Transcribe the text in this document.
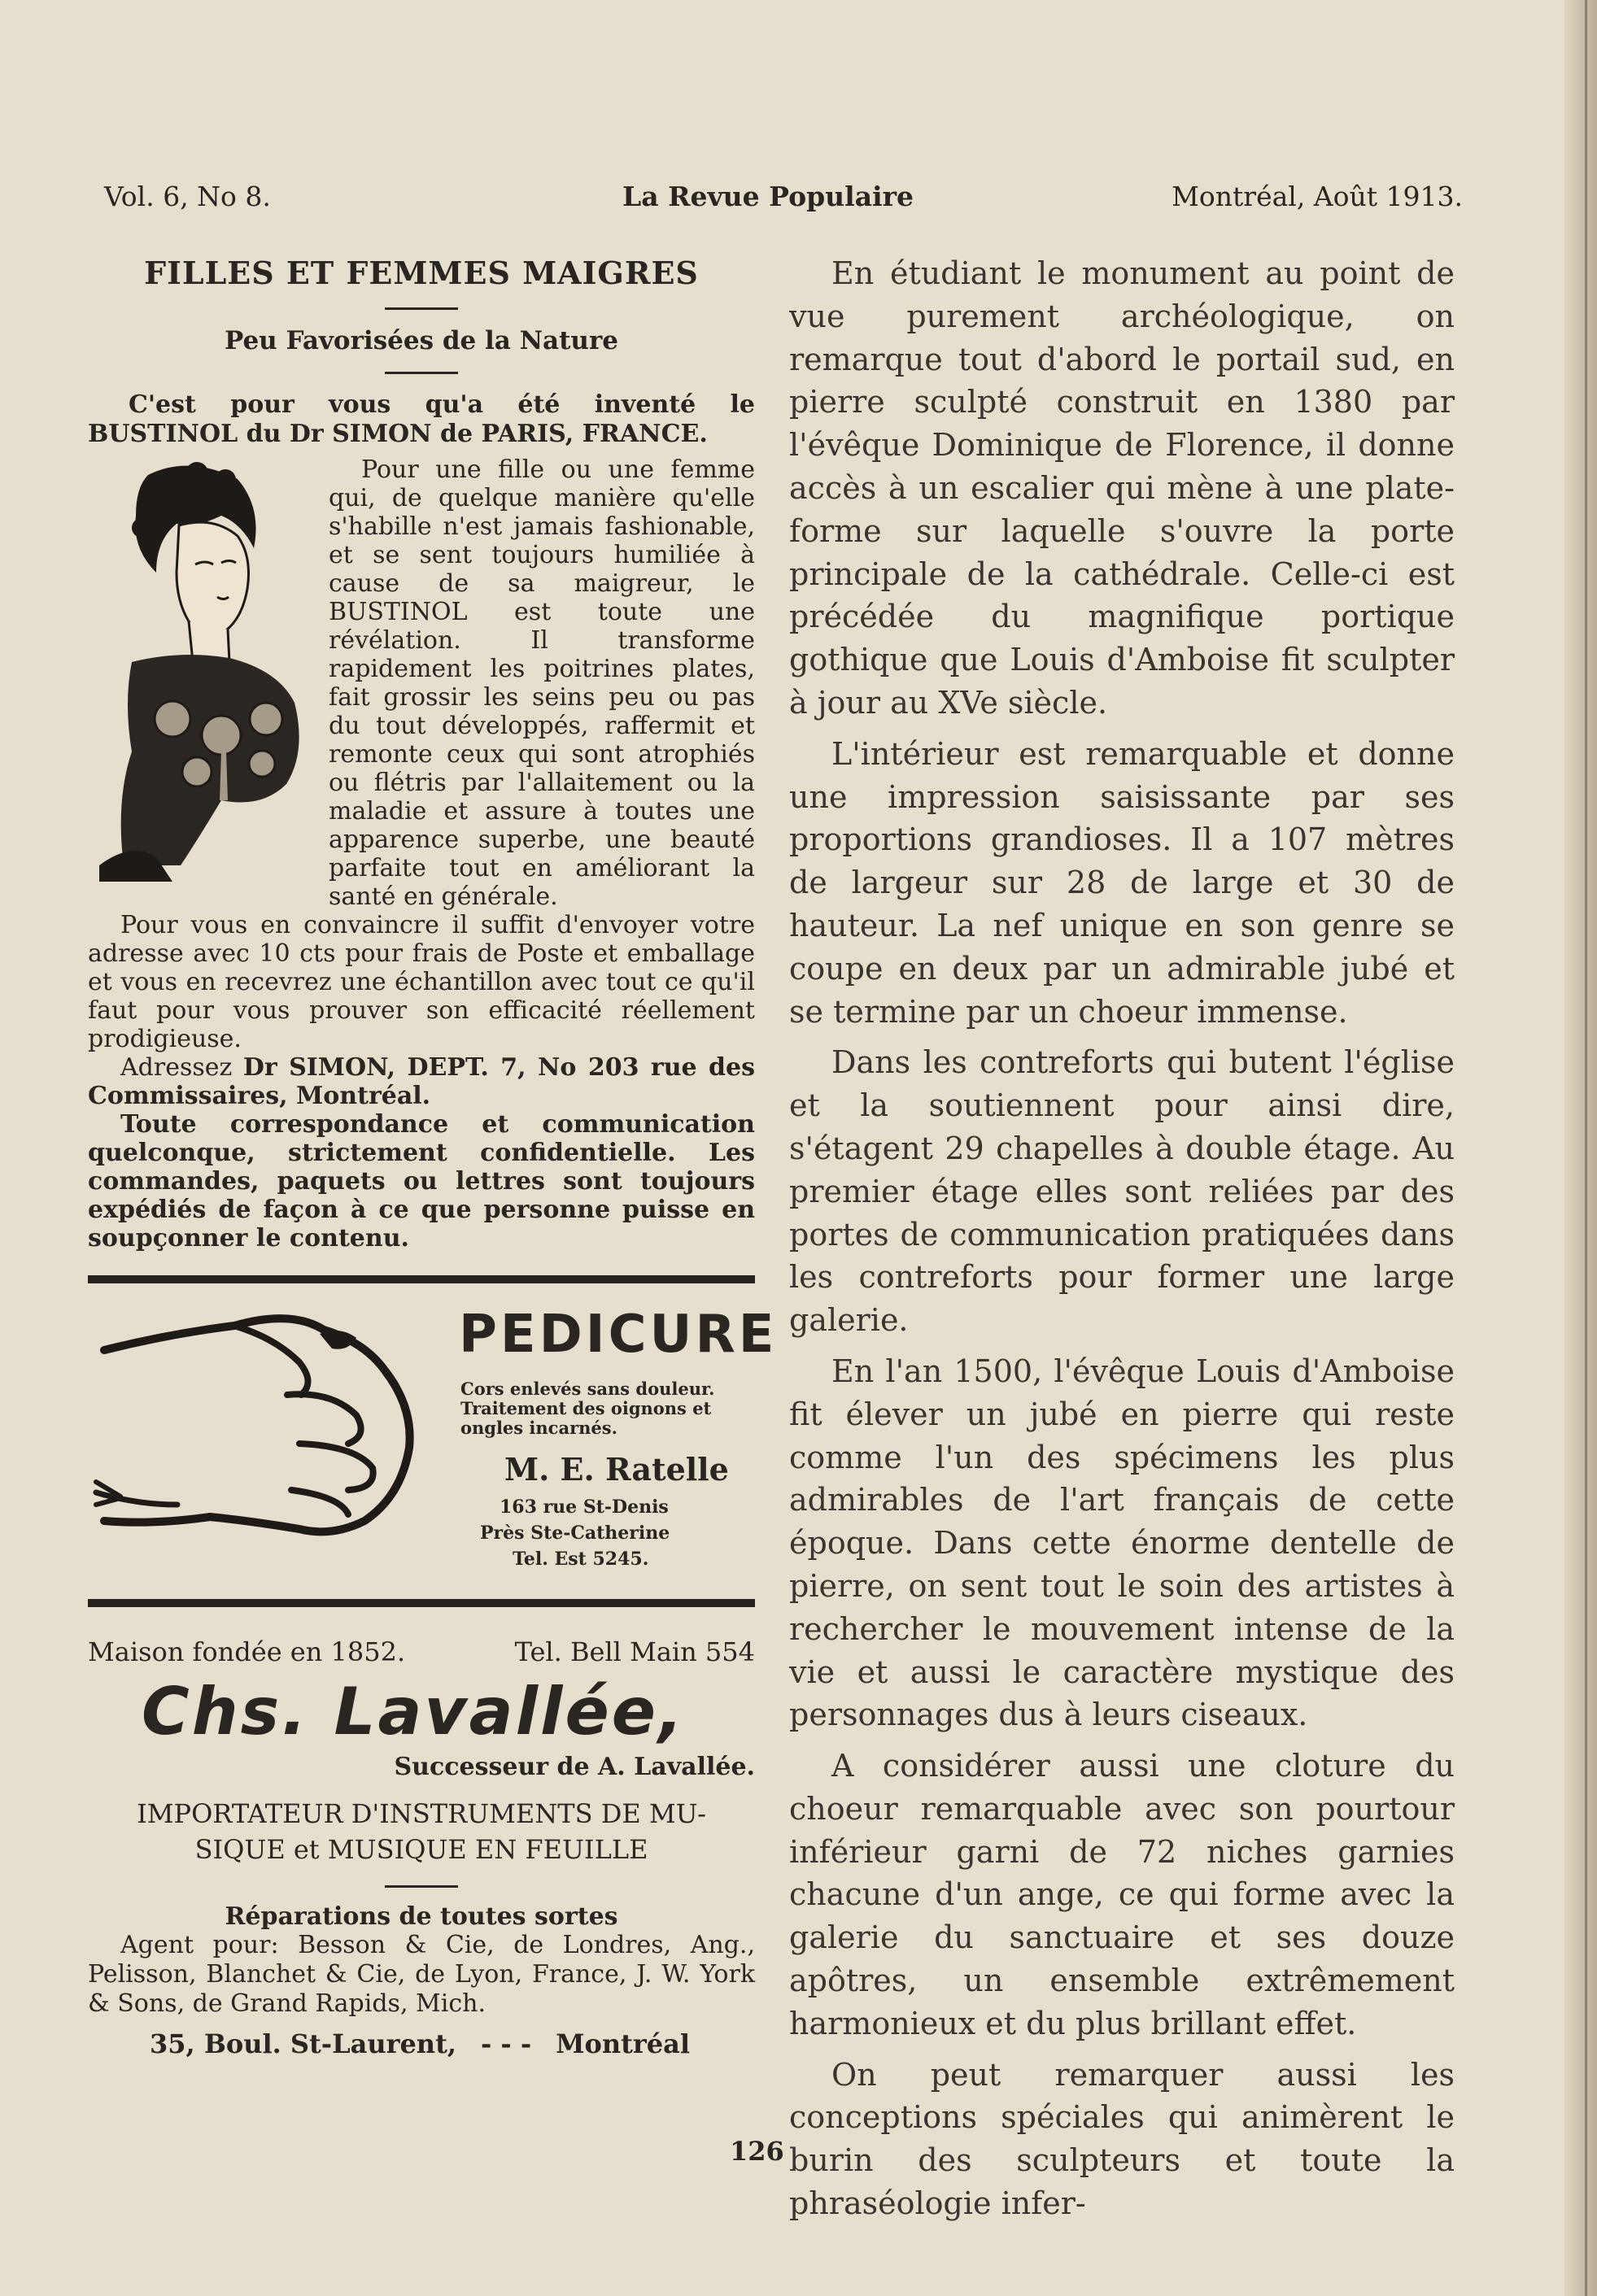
Vol. 6, No 8.	La Revue Populaire	Montréal, Août 1913.
FILLES ET FEMMES MAIGRES
Peu Favorisées de la Nature

C'est pour vous qu'a été inventé le BUSTINOL du Dr SIMON de PARIS, FRANCE.

Pour une fille ou une femme qui, de quelque manière qu'elle s'habille n'est jamais fashionable, et se sent toujours humiliée à cause de sa maigreur, le BUSTINOL est toute une révélation. Il transforme rapidement les poitrines plates, fait grossir les seins peu ou pas du tout développés, raffermit et remonte ceux qui sont atrophiés ou flétris par l'allaitement ou la maladie et assure à toutes une apparence superbe, une beauté parfaite tout en améliorant la santé en générale.

Pour vous en convaincre il suffit d'envoyer votre adresse avec 10 cts pour frais de Poste et emballage et vous en recevrez une échantillon avec tout ce qu'il faut pour vous prouver son efficacité réellement prodigieuse.

Adressez Dr SIMON, DEPT. 7, No 203 rue des Commissaires, Montréal.

Toute correspondance et communication quelconque, strictement confidentielle. Les commandes, paquets ou lettres sont toujours expédiés de façon à ce que personne puisse en soupçonner le contenu.

PEDICURE
Cors enlevés sans douleur. Traitement des oignons et ongles incarnés.
M. E. Ratelle
163 rue St-Denis
Près Ste-Catherine
Tel. Est 5245.
Maison fondée en 1852.	Tel. Bell Main 554
Chs. Lavallée,
Successeur de A. Lavallée.
IMPORTATEUR D'INSTRUMENTS DE MU-
SIQUE et MUSIQUE EN FEUILLE
Réparations de toutes sortes
Agent pour: Besson & Cie, de Londres, Ang., Pelisson, Blanchet & Cie, de Lyon, France, J. W. York & Sons, de Grand Rapids, Mich.
35, Boul. St-Laurent, - - - Montréal

En étudiant le monument au point de vue purement archéologique, on remarque tout d'abord le portail sud, en pierre sculpté construit en 1380 par l'évêque Dominique de Florence, il donne accès à un escalier qui mène à une plate-forme sur laquelle s'ouvre la porte principale de la cathédrale. Celle-ci est précédée du magnifique portique gothique que Louis d'Amboise fit sculpter à jour au XVe siècle.

L'intérieur est remarquable et donne une impression saisissante par ses proportions grandioses. Il a 107 mètres de largeur sur 28 de large et 30 de hauteur. La nef unique en son genre se coupe en deux par un admirable jubé et se termine par un choeur immense.

Dans les contreforts qui butent l'église et la soutiennent pour ainsi dire, s'étagent 29 chapelles à double étage. Au premier étage elles sont reliées par des portes de communication pratiquées dans les contreforts pour former une large galerie.

En l'an 1500, l'évêque Louis d'Amboise fit élever un jubé en pierre qui reste comme l'un des spécimens les plus admirables de l'art français de cette époque. Dans cette énorme dentelle de pierre, on sent tout le soin des artistes à rechercher le mouvement intense de la vie et aussi le caractère mystique des personnages dus à leurs ciseaux.

A considérer aussi une cloture du choeur remarquable avec son pourtour inférieur garni de 72 niches garnies chacune d'un ange, ce qui forme avec la galerie du sanctuaire et ses douze apôtres, un ensemble extrêmement harmonieux et du plus brillant effet.

On peut remarquer aussi les conceptions spéciales qui animèrent le burin des sculpteurs et toute la phraséologie infer-

126
